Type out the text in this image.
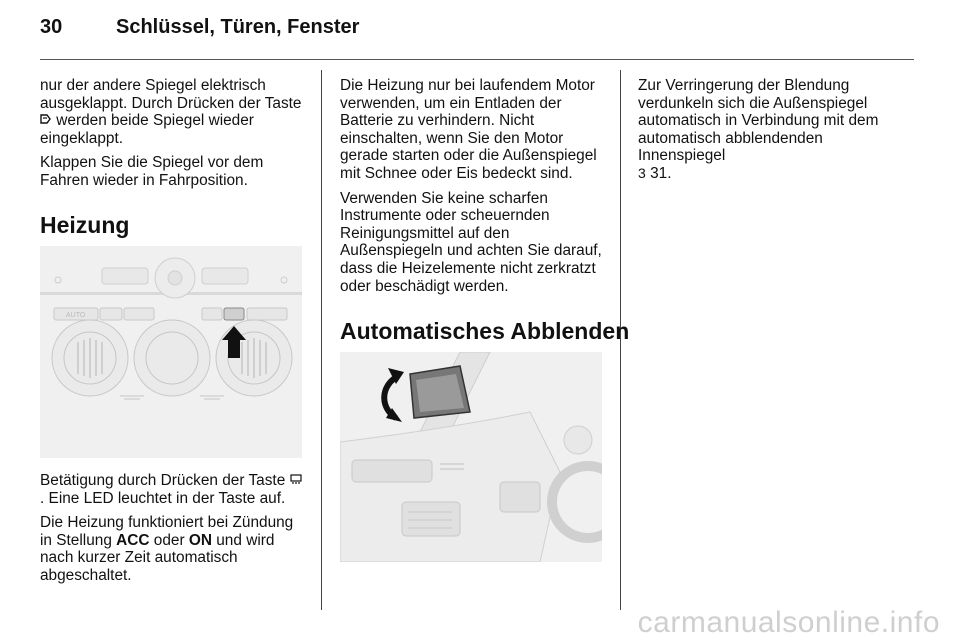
30	Schlüssel, Türen, Fenster

nur der andere Spiegel elektrisch ausgeklappt. Durch Drücken der Taste  werden beide Spiegel wieder eingeklappt.

Klappen Sie die Spiegel vor dem Fahren wieder in Fahrposition.

Heizung
AUTO

Betätigung durch Drücken der Taste . Eine LED leuchtet in der Taste auf.

Die Heizung funktioniert bei Zündung in Stellung ACC oder ON und wird nach kurzer Zeit automatisch abgeschaltet.

Die Heizung nur bei laufendem Motor verwenden, um ein Entladen der Batterie zu verhindern. Nicht einschalten, wenn Sie den Motor gerade starten oder die Außenspiegel mit Schnee oder Eis bedeckt sind.

Verwenden Sie keine scharfen Instrumente oder scheuernden Reinigungsmittel auf den Außenspiegeln und achten Sie darauf, dass die Heizelemente nicht zerkratzt oder beschädigt werden.

Automatisches Abblenden

Zur Verringerung der Blendung verdunkeln sich die Außenspiegel automatisch in Verbindung mit dem automatisch abblendenden Innenspiegel
3 31.

carmanualsonline.info
